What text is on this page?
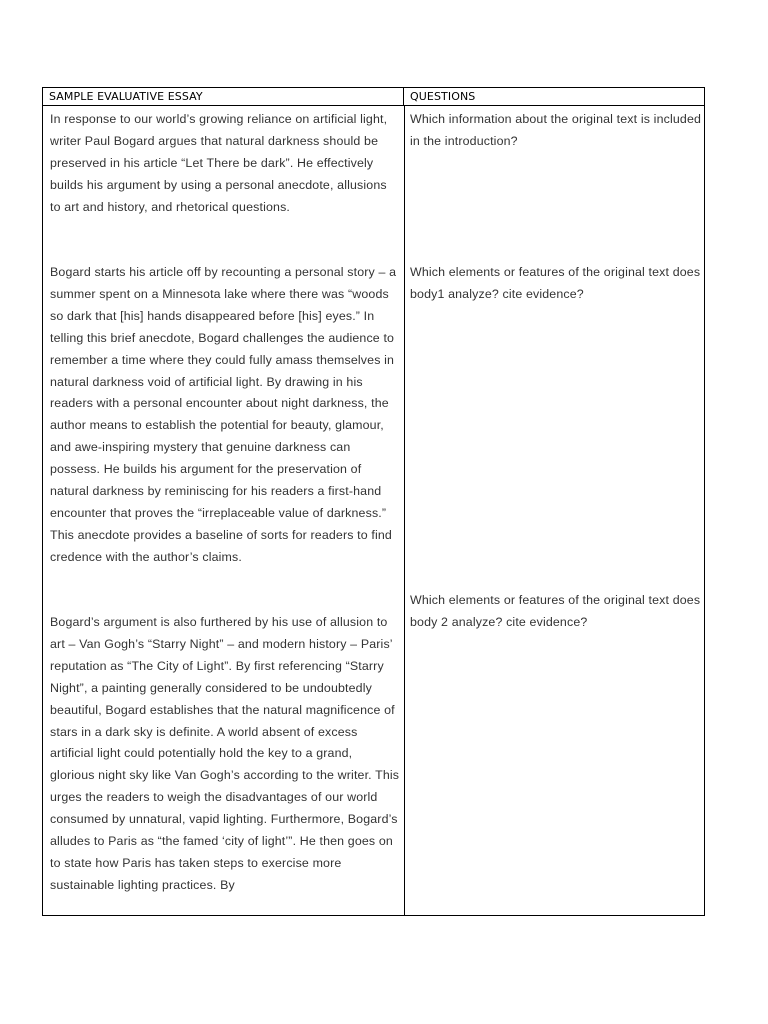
SAMPLE EVALUATIVE ESSAY	QUESTIONS

In response to our world’s growing reliance on artificial light, writer Paul Bogard argues that natural darkness should be preserved in his article “Let There be dark”. He effectively builds his argument by using a personal anecdote, allusions to art and history, and rhetorical questions.

Bogard starts his article off by recounting a personal story – a summer spent on a Minnesota lake where there was “woods so dark that [his] hands disappeared before [his] eyes.” In telling this brief anecdote, Bogard challenges the audience to remember a time where they could fully amass themselves in natural darkness void of artificial light. By drawing in his readers with a personal encounter about night darkness, the author means to establish the potential for beauty, glamour, and awe-inspiring mystery that genuine darkness can possess. He builds his argument for the preservation of natural darkness by reminiscing for his readers a first-hand encounter that proves the “irreplaceable value of darkness.” This anecdote provides a baseline of sorts for readers to find credence with the author’s claims.

Bogard’s argument is also furthered by his use of allusion to art – Van Gogh’s “Starry Night” – and modern history – Paris’ reputation as “The City of Light”. By first referencing “Starry Night”, a painting generally considered to be undoubtedly beautiful, Bogard establishes that the natural magnificence of stars in a dark sky is definite. A world absent of excess artificial light could potentially hold the key to a grand, glorious night sky like Van Gogh’s according to the writer. This urges the readers to weigh the disadvantages of our world consumed by unnatural, vapid lighting. Furthermore, Bogard’s alludes to Paris as “the famed ‘city of light’”. He then goes on to state how Paris has taken steps to exercise more sustainable lighting practices. By

Which information about the original text is included in the introduction?

Which elements or features of the original text does body1 analyze? cite evidence?

Which elements or features of the original text does body 2 analyze? cite evidence?
